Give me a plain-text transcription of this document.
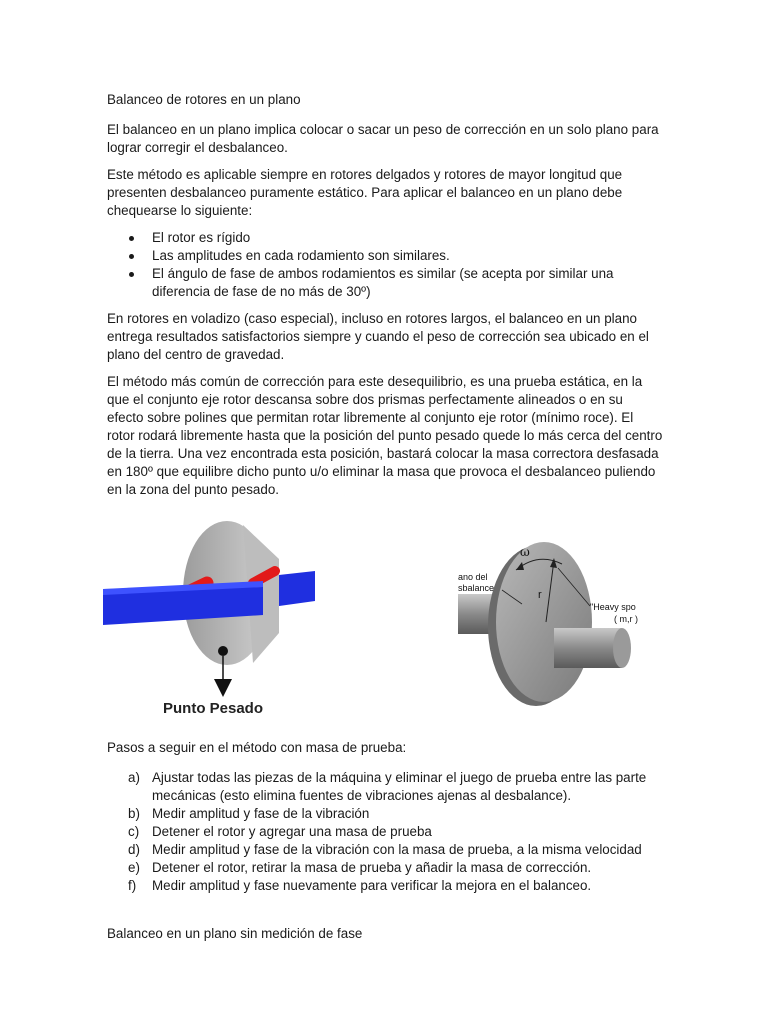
Balanceo de rotores en un plano

El balanceo en un plano implica colocar o sacar un peso de corrección en un solo plano para lograr corregir el desbalanceo.

Este método es aplicable siempre en rotores delgados y rotores de mayor longitud que presenten desbalanceo puramente estático. Para aplicar el balanceo en un plano debe chequearse lo siguiente:

El rotor es rígido
Las amplitudes en cada rodamiento son similares.
El ángulo de fase de ambos rodamientos es similar (se acepta por similar una diferencia de fase de no más de 30º)

En rotores en voladizo (caso especial), incluso en rotores largos, el balanceo en un plano entrega resultados satisfactorios siempre y cuando el peso de corrección sea ubicado en el plano del centro de gravedad.

El método más común de corrección para este desequilibrio, es una prueba estática, en la que el conjunto eje rotor descansa sobre dos prismas perfectamente alineados o en su efecto sobre polines que permitan rotar libremente al conjunto eje rotor (mínimo roce). El rotor rodará libremente hasta que la posición del punto pesado quede lo más cerca del centro de la tierra. Una vez encontrada esta posición, bastará colocar la masa correctora desfasada en 180º que equilibre dicho punto u/o eliminar la masa que provoca el desbalanceo puliendo en la zona del punto pesado.

Punto Pesado
r
ω
ano del
sbalance
"Heavy spo
( m,r )

Pasos a seguir en el método con masa de prueba:

a) Ajustar todas las piezas de la máquina y eliminar el juego de prueba entre las parte mecánicas (esto elimina fuentes de vibraciones ajenas al desbalance).
b) Medir amplitud y fase de la vibración
c) Detener el rotor y agregar una masa de prueba
d) Medir amplitud y fase de la vibración con la masa de prueba, a la misma velocidad
e) Detener el rotor, retirar la masa de prueba y añadir la masa de corrección.
f) Medir amplitud y fase nuevamente para verificar la mejora en el balanceo.

Balanceo en un plano sin medición de fase
